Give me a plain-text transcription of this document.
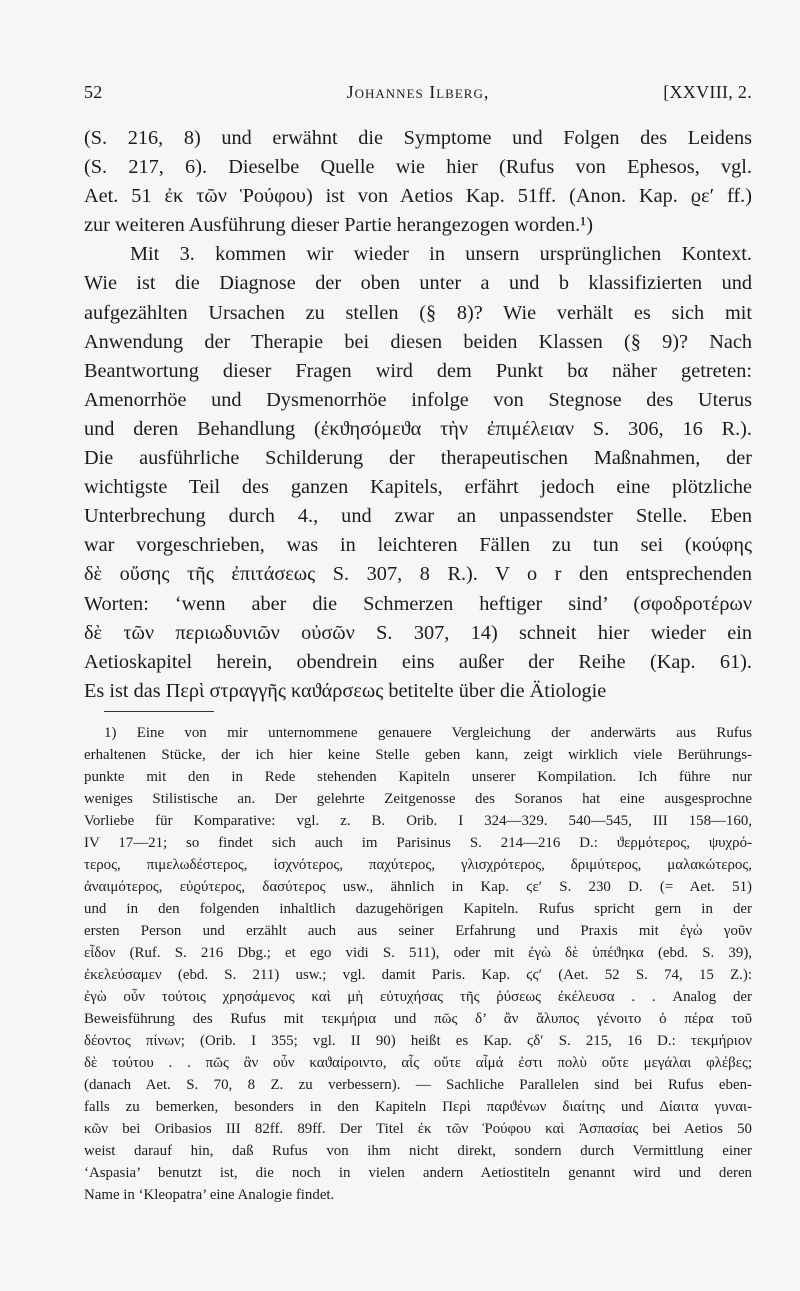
52	Johannes Ilberg,	[XXVIII, 2.
(S. 216, 8) und erwähnt die Symptome und Folgen des Leidens
(S. 217, 6). Dieselbe Quelle wie hier (Rufus von Ephesos, vgl.
Aet. 51 ἐκ τῶν Ῥούφου) ist von Aetios Kap. 51ff. (Anon. Kap. ϱε′ ff.)
zur weiteren Ausführung dieser Partie herangezogen worden.¹)
Mit 3. kommen wir wieder in unsern ursprünglichen Kontext.
Wie ist die Diagnose der oben unter a und b klassifizierten und
aufgezählten Ursachen zu stellen (§ 8)? Wie verhält es sich mit
Anwendung der Therapie bei diesen beiden Klassen (§ 9)? Nach
Beantwortung dieser Fragen wird dem Punkt bα näher getreten:
Amenorrhöe und Dysmenorrhöe infolge von Stegnose des Uterus
und deren Behandlung (ἐκϑησόμεϑα τὴν ἐπιμέλειαν S. 306, 16 R.).
Die ausführliche Schilderung der therapeutischen Maßnahmen, der
wichtigste Teil des ganzen Kapitels, erfährt jedoch eine plötzliche
Unterbrechung durch 4., und zwar an unpassendster Stelle. Eben
war vorgeschrieben, was in leichteren Fällen zu tun sei (κούφης
δὲ οὔσης τῆς ἐπιτάσεως S. 307, 8 R.). V o r den entsprechenden
Worten: ‘wenn aber die Schmerzen heftiger sind’ (σφοδροτέρων
δὲ τῶν περιωδυνιῶν οὐσῶν S. 307, 14) schneit hier wieder ein
Aetioskapitel herein, obendrein eins außer der Reihe (Kap. 61).
Es ist das Περὶ στραγγῆς καϑάρσεως betitelte über die Ätiologie
1) Eine von mir unternommene genauere Vergleichung der anderwärts aus Rufus
erhaltenen Stücke, der ich hier keine Stelle geben kann, zeigt wirklich viele Berührungs-
punkte mit den in Rede stehenden Kapiteln unserer Kompilation. Ich führe nur
weniges Stilistische an. Der gelehrte Zeitgenosse des Soranos hat eine ausgesprochne
Vorliebe für Komparative: vgl. z. B. Orib. I 324—329. 540—545, III 158—160,
IV 17—21; so findet sich auch im Parisinus S. 214—216 D.: ϑερμότερος, ψυχρό-
τερος, πιμελωδέστερος, ἰσχνότερος, παχύτερος, γλισχρότερος, δριμύτερος, μαλακώτερος,
ἀναιμότερος, εὐϱύτερος, δασύτερος usw., ähnlich in Kap. ϛε′ S. 230 D. (= Aet. 51)
und in den folgenden inhaltlich dazugehörigen Kapiteln. Rufus spricht gern in der
ersten Person und erzählt auch aus seiner Erfahrung und Praxis mit ἐγὼ γοῦν
εἶδον (Ruf. S. 216 Dbg.; et ego vidi S. 511), oder mit ἐγὼ δὲ ὑπέϑηκα (ebd. S. 39),
ἐκελεύσαμεν (ebd. S. 211) usw.; vgl. damit Paris. Kap. ϛϛ′ (Aet. 52 S. 74, 15 Z.):
ἐγὼ οὖν τούτοις χρησάμενος καὶ μὴ εὐτυχήσας τῆς ῥύσεως ἐκέλευσα . . Analog der
Beweisführung des Rufus mit τεκμήρια und πῶς δ’ ἂν ἄλυπος γένοιτο ὁ πέρα τοῦ
δέοντος πίνων; (Orib. I 355; vgl. II 90) heißt es Kap. ϛδ′ S. 215, 16 D.: τεκμήριον
δὲ τούτου . . πῶς ἂν οὖν καϑαίροιντο, αἷς οὔτε αἷμά ἐστι πολὺ οὔτε μεγάλαι φλέβες;
(danach Aet. S. 70, 8 Z. zu verbessern). — Sachliche Parallelen sind bei Rufus eben-
falls zu bemerken, besonders in den Kapiteln Περὶ παρϑένων διαίτης und Δίαιτα γυναι-
κῶν bei Oribasios III 82ff. 89ff. Der Titel ἐκ τῶν Ῥούφου καὶ Ἀσπασίας bei Aetios 50
weist darauf hin, daß Rufus von ihm nicht direkt, sondern durch Vermittlung einer
‘Aspasia’ benutzt ist, die noch in vielen andern Aetiostiteln genannt wird und deren
Name in ‘Kleopatra’ eine Analogie findet.
